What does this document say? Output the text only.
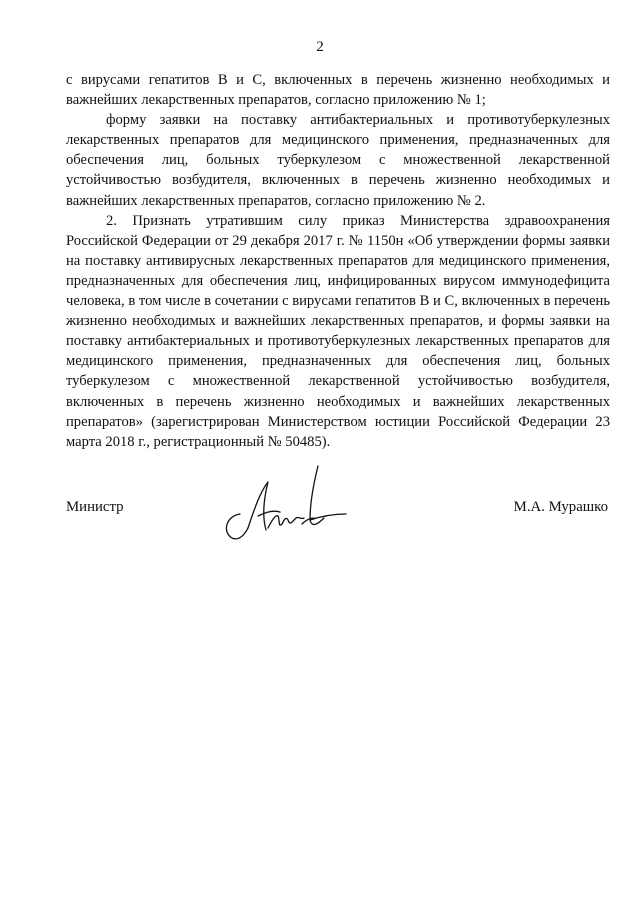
2

с вирусами гепатитов В и С, включенных в перечень жизненно необходимых и важнейших лекарственных препаратов, согласно приложению № 1;

форму заявки на поставку антибактериальных и противотуберкулезных лекарственных препаратов для медицинского применения, предназначенных для обеспечения лиц, больных туберкулезом с множественной лекарственной устойчивостью возбудителя, включенных в перечень жизненно необходимых и важнейших лекарственных препаратов, согласно приложению № 2.

2. Признать утратившим силу приказ Министерства здравоохранения Российской Федерации от 29 декабря 2017 г. № 1150н «Об утверждении формы заявки на поставку антивирусных лекарственных препаратов для медицинского применения, предназначенных для обеспечения лиц, инфицированных вирусом иммунодефицита человека, в том числе в сочетании с вирусами гепатитов В и С, включенных в перечень жизненно необходимых и важнейших лекарственных препаратов, и формы заявки на поставку антибактериальных и противотуберкулезных лекарственных препаратов для медицинского применения, предназначенных для обеспечения лиц, больных туберкулезом с множественной лекарственной устойчивостью возбудителя, включенных в перечень жизненно необходимых и важнейших лекарственных препаратов» (зарегистрирован Министерством юстиции Российской Федерации 23 марта 2018 г., регистрационный № 50485).

Министр	М.А. Мурашко
